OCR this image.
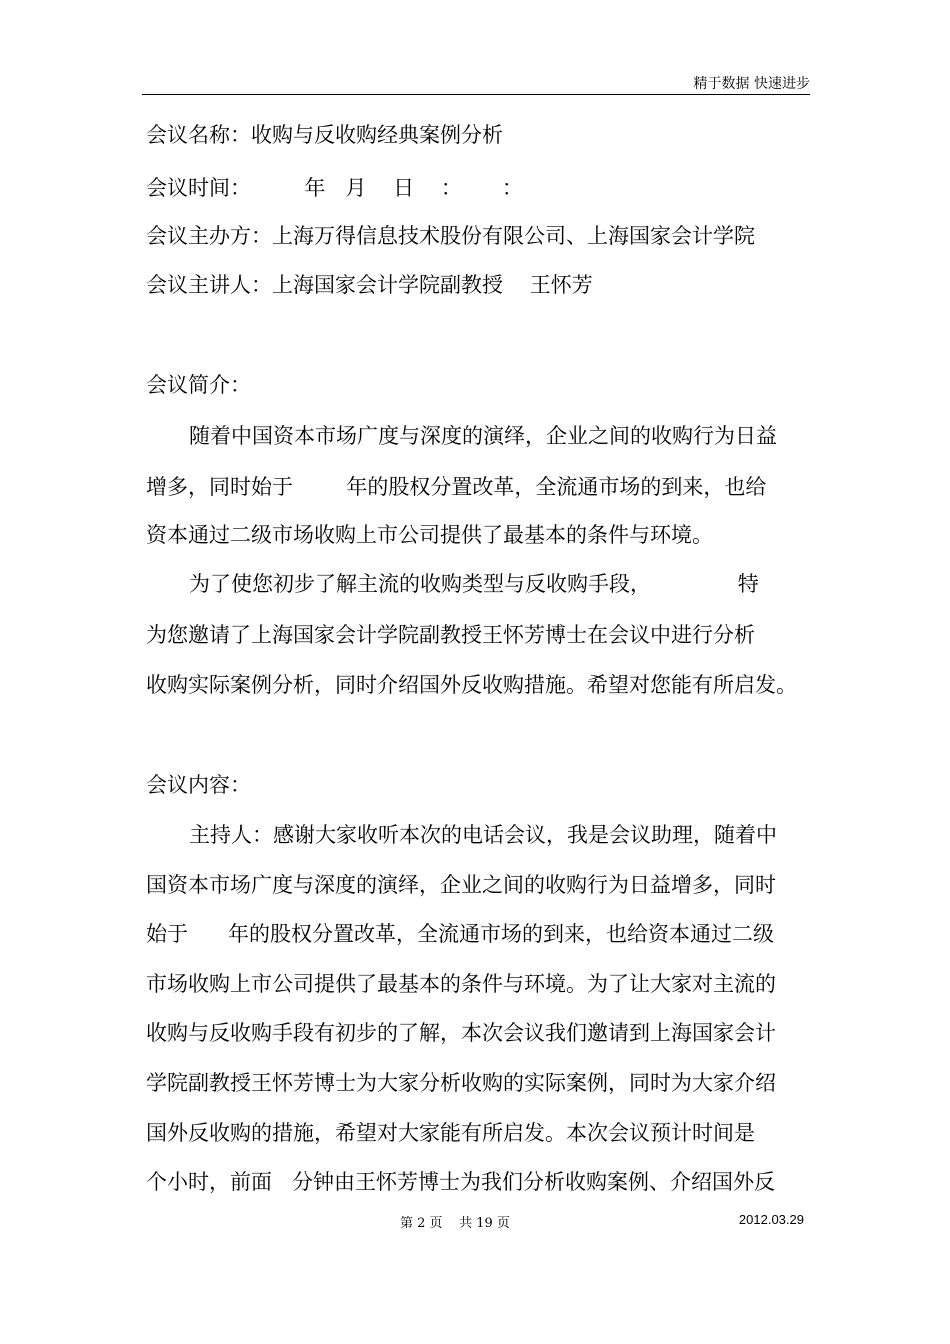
精于数据 快速进步
会议名称：收购与反收购经典案例分析
会议时间：        年   月    日    ：      ：
会议主办方：上海万得信息技术股份有限公司、上海国家会计学院
会议主讲人：上海国家会计学院副教授    王怀芳
会议简介：
随着中国资本市场广度与深度的演绎，企业之间的收购行为日益
增多，同时始于        年的股权分置改革，全流通市场的到来，也给
资本通过二级市场收购上市公司提供了最基本的条件与环境。
为了使您初步了解主流的收购类型与反收购手段，             特
为您邀请了上海国家会计学院副教授王怀芳博士在会议中进行分析
收购实际案例分析，同时介绍国外反收购措施。希望对您能有所启发。
会议内容：
主持人：感谢大家收听本次的电话会议，我是会议助理，随着中
国资本市场广度与深度的演绎，企业之间的收购行为日益增多，同时
始于      年的股权分置改革，全流通市场的到来，也给资本通过二级
市场收购上市公司提供了最基本的条件与环境。为了让大家对主流的
收购与反收购手段有初步的了解，本次会议我们邀请到上海国家会计
学院副教授王怀芳博士为大家分析收购的实际案例，同时为大家介绍
国外反收购的措施，希望对大家能有所启发。本次会议预计时间是
个小时，前面   分钟由王怀芳博士为我们分析收购案例、介绍国外反
第 2 页    共 19 页	2012.03.29
